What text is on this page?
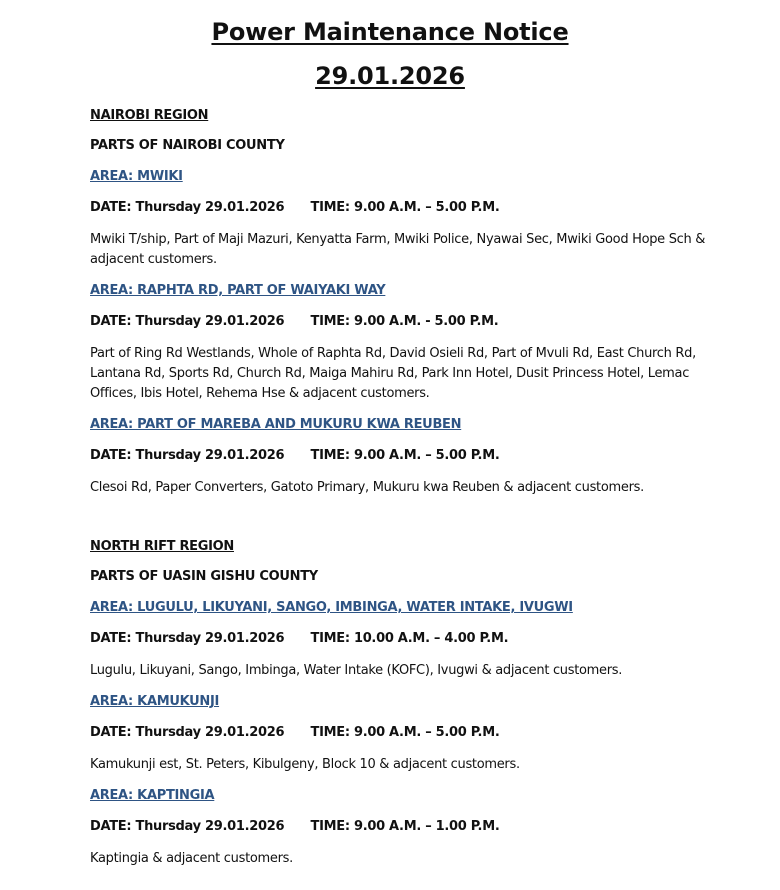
Power Maintenance Notice
29.01.2026
NAIROBI REGION
PARTS OF NAIROBI COUNTY
AREA: MWIKI
DATE: Thursday 29.01.2026 TIME: 9.00 A.M. – 5.00 P.M.

Mwiki T/ship, Part of Maji Mazuri, Kenyatta Farm, Mwiki Police, Nyawai Sec, Mwiki Good Hope Sch & adjacent customers.

AREA: RAPHTA RD, PART OF WAIYAKI WAY
DATE: Thursday 29.01.2026 TIME: 9.00 A.M. - 5.00 P.M.

Part of Ring Rd Westlands, Whole of Raphta Rd, David Osieli Rd, Part of Mvuli Rd, East Church Rd, Lantana Rd, Sports Rd, Church Rd, Maiga Mahiru Rd, Park Inn Hotel, Dusit Princess Hotel, Lemac Offices, Ibis Hotel, Rehema Hse & adjacent customers.

AREA: PART OF MAREBA AND MUKURU KWA REUBEN
DATE: Thursday 29.01.2026 TIME: 9.00 A.M. – 5.00 P.M.

Clesoi Rd, Paper Converters, Gatoto Primary, Mukuru kwa Reuben & adjacent customers.

NORTH RIFT REGION
PARTS OF UASIN GISHU COUNTY
AREA: LUGULU, LIKUYANI, SANGO, IMBINGA, WATER INTAKE, IVUGWI
DATE: Thursday 29.01.2026 TIME: 10.00 A.M. – 4.00 P.M.

Lugulu, Likuyani, Sango, Imbinga, Water Intake (KOFC), Ivugwi & adjacent customers.

AREA: KAMUKUNJI
DATE: Thursday 29.01.2026 TIME: 9.00 A.M. – 5.00 P.M.

Kamukunji est, St. Peters, Kibulgeny, Block 10 & adjacent customers.

AREA: KAPTINGIA
DATE: Thursday 29.01.2026 TIME: 9.00 A.M. – 1.00 P.M.

Kaptingia & adjacent customers.
